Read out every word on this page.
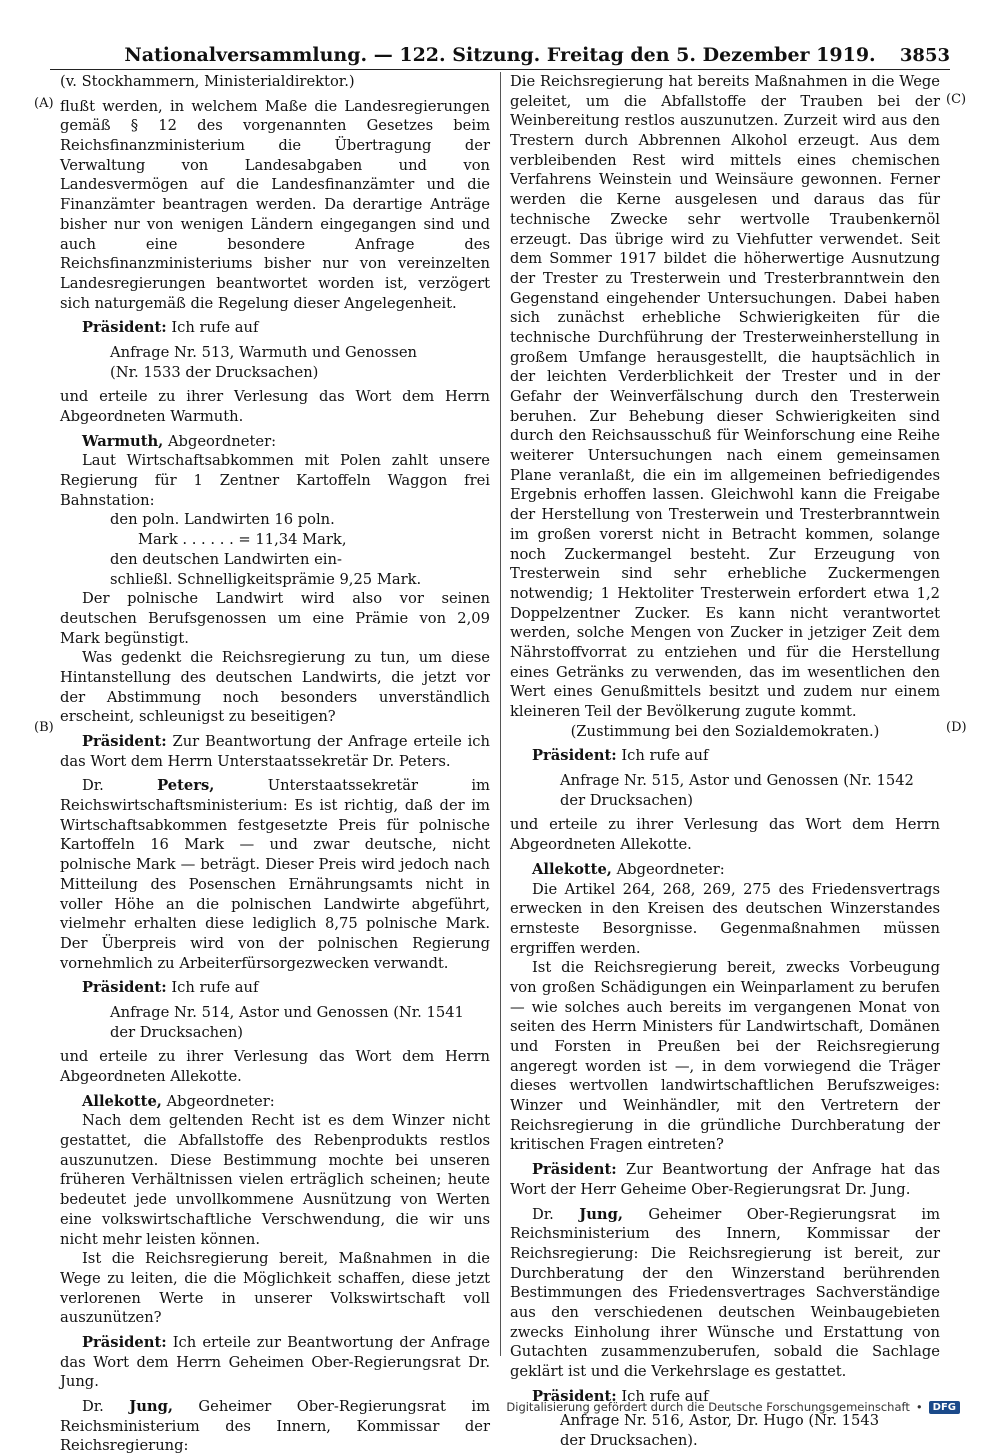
Nationalversammlung. — 122. Sitzung. Freitag den 5. Dezember 1919. 3853
(A)
(B)
(C)
(D)

(v. Stockhammern, Ministerialdirektor.)

flußt werden, in welchem Maße die Landesregierungen gemäß § 12 des vorgenannten Gesetzes beim Reichsfinanzministerium die Übertragung der Verwaltung von Landesabgaben und von Landesvermögen auf die Landesfinanzämter und die Finanzämter beantragen werden. Da derartige Anträge bisher nur von wenigen Ländern eingegangen sind und auch eine besondere Anfrage des Reichsfinanzministeriums bisher nur von vereinzelten Landesregierungen beantwortet worden ist, verzögert sich naturgemäß die Regelung dieser Angelegenheit.

Präsident: Ich rufe auf

Anfrage Nr. 513, Warmuth und Genossen

(Nr. 1533 der Drucksachen)

und erteile zu ihrer Verlesung das Wort dem Herrn Abgeordneten Warmuth.

Warmuth, Abgeordneter:

Laut Wirtschaftsabkommen mit Polen zahlt unsere Regierung für 1 Zentner Kartoffeln Waggon frei Bahnstation:

den poln. Landwirten 16 poln.

Mark . . . . . . = 11,34 Mark,

den deutschen Landwirten ein-

schließl. Schnelligkeitsprämie 9,25 Mark.

Der polnische Landwirt wird also vor seinen deutschen Berufsgenossen um eine Prämie von 2,09 Mark begünstigt.

Was gedenkt die Reichsregierung zu tun, um diese Hintanstellung des deutschen Landwirts, die jetzt vor der Abstimmung noch besonders unverständlich erscheint, schleunigst zu beseitigen?

Präsident: Zur Beantwortung der Anfrage erteile ich das Wort dem Herrn Unterstaatssekretär Dr. Peters.

Dr.	Peters,	Unterstaatssekretär im Reichswirtschaftsministerium: Es ist richtig, daß der im Wirtschaftsabkommen festgesetzte Preis für polnische Kartoffeln 16 Mark — und zwar deutsche, nicht polnische Mark — beträgt. Dieser Preis wird jedoch nach Mitteilung des Posenschen Ernährungsamts nicht in voller Höhe an die polnischen Landwirte abgeführt, vielmehr erhalten diese lediglich 8,75 polnische Mark. Der Überpreis wird von der polnischen Regierung vornehmlich zu Arbeiterfürsorgezwecken verwandt.

Präsident: Ich rufe auf

Anfrage Nr. 514, Astor und Genossen (Nr. 1541

der Drucksachen)

und erteile zu ihrer Verlesung das Wort dem Herrn Abgeordneten Allekotte.

Allekotte, Abgeordneter:

Nach dem geltenden Recht ist es dem Winzer nicht gestattet, die Abfallstoffe des Rebenprodukts restlos auszunutzen. Diese Bestimmung mochte bei unseren früheren Verhältnissen vielen erträglich scheinen; heute bedeutet jede unvollkommene Ausnützung von Werten eine volkswirtschaftliche Verschwendung, die wir uns nicht mehr leisten können.

Ist die Reichsregierung bereit, Maßnahmen in die Wege zu leiten, die die Möglichkeit schaffen, diese jetzt verlorenen Werte in unserer Volkswirtschaft voll auszunützen?

Präsident: Ich erteile zur Beantwortung der Anfrage das Wort dem Herrn Geheimen Ober-Regierungsrat Dr. Jung.

Dr. Jung, Geheimer Ober-Regierungsrat im Reichsministerium des Innern, Kommissar der Reichsregierung:

Die Reichsregierung hat bereits Maßnahmen in die Wege geleitet, um die Abfallstoffe der Trauben bei der Weinbereitung restlos auszunutzen. Zurzeit wird aus den Trestern durch Abbrennen Alkohol erzeugt. Aus dem verbleibenden Rest wird mittels eines chemischen Verfahrens Weinstein und Weinsäure gewonnen. Ferner werden die Kerne ausgelesen und daraus das für technische Zwecke sehr wertvolle Traubenkernöl erzeugt. Das übrige wird zu Viehfutter verwendet. Seit dem Sommer 1917 bildet die höherwertige Ausnutzung der Trester zu Tresterwein und Tresterbranntwein den Gegenstand eingehender Untersuchungen. Dabei haben sich zunächst erhebliche Schwierigkeiten für die technische Durchführung der Tresterweinherstellung in großem Umfange herausgestellt, die hauptsächlich in der leichten Verderblichkeit der Trester und in der Gefahr der Weinverfälschung durch den Tresterwein beruhen. Zur Behebung dieser Schwierigkeiten sind durch den Reichsausschuß für Weinforschung eine Reihe weiterer Untersuchungen nach einem gemeinsamen Plane veranlaßt, die ein im allgemeinen befriedigendes Ergebnis erhoffen lassen. Gleichwohl kann die Freigabe der Herstellung von Tresterwein und Tresterbranntwein im großen vorerst nicht in Betracht kommen, solange noch Zuckermangel besteht. Zur Erzeugung von Tresterwein sind sehr erhebliche Zuckermengen notwendig; 1 Hektoliter Tresterwein erfordert etwa 1,2 Doppelzentner Zucker. Es kann nicht verantwortet werden, solche Mengen von Zucker in jetziger Zeit dem Nährstoffvorrat zu entziehen und für die Herstellung eines Getränks zu verwenden, das im wesentlichen den Wert eines Genußmittels besitzt und zudem nur einem kleineren Teil der Bevölkerung zugute kommt.

(Zustimmung bei den Sozialdemokraten.)

Präsident: Ich rufe auf

Anfrage Nr. 515, Astor und Genossen (Nr. 1542

der Drucksachen)

und erteile zu ihrer Verlesung das Wort dem Herrn Abgeordneten Allekotte.

Allekotte, Abgeordneter:

Die Artikel 264, 268, 269, 275 des Friedensvertrags erwecken in den Kreisen des deutschen Winzerstandes ernsteste Besorgnisse. Gegenmaßnahmen müssen ergriffen werden.

Ist die Reichsregierung bereit, zwecks Vorbeugung von großen Schädigungen ein Weinparlament zu berufen — wie solches auch bereits im vergangenen Monat von seiten des Herrn Ministers für Landwirtschaft, Domänen und Forsten in Preußen bei der Reichsregierung angeregt worden ist —, in dem vorwiegend die Träger dieses wertvollen landwirtschaftlichen Berufszweiges: Winzer und Weinhändler, mit den Vertretern der Reichsregierung in die gründliche Durchberatung der kritischen Fragen eintreten?

Präsident: Zur Beantwortung der Anfrage hat das Wort der Herr Geheime Ober-Regierungsrat Dr. Jung.

Dr. Jung, Geheimer Ober-Regierungsrat im Reichsministerium des Innern, Kommissar der Reichsregierung: Die Reichsregierung ist bereit, zur Durchberatung der den Winzerstand berührenden Bestimmungen des Friedensvertrages Sachverständige aus den verschiedenen deutschen Weinbaugebieten zwecks Einholung ihrer Wünsche und Erstattung von Gutachten zusammenzuberufen, sobald die Sachlage geklärt ist und die Verkehrslage es gestattet.

Präsident: Ich rufe auf

Anfrage Nr. 516, Astor, Dr. Hugo (Nr. 1543

der Drucksachen).

Digitalisierung gefördert durch die Deutsche Forschungsgemeinschaft •	DFG
